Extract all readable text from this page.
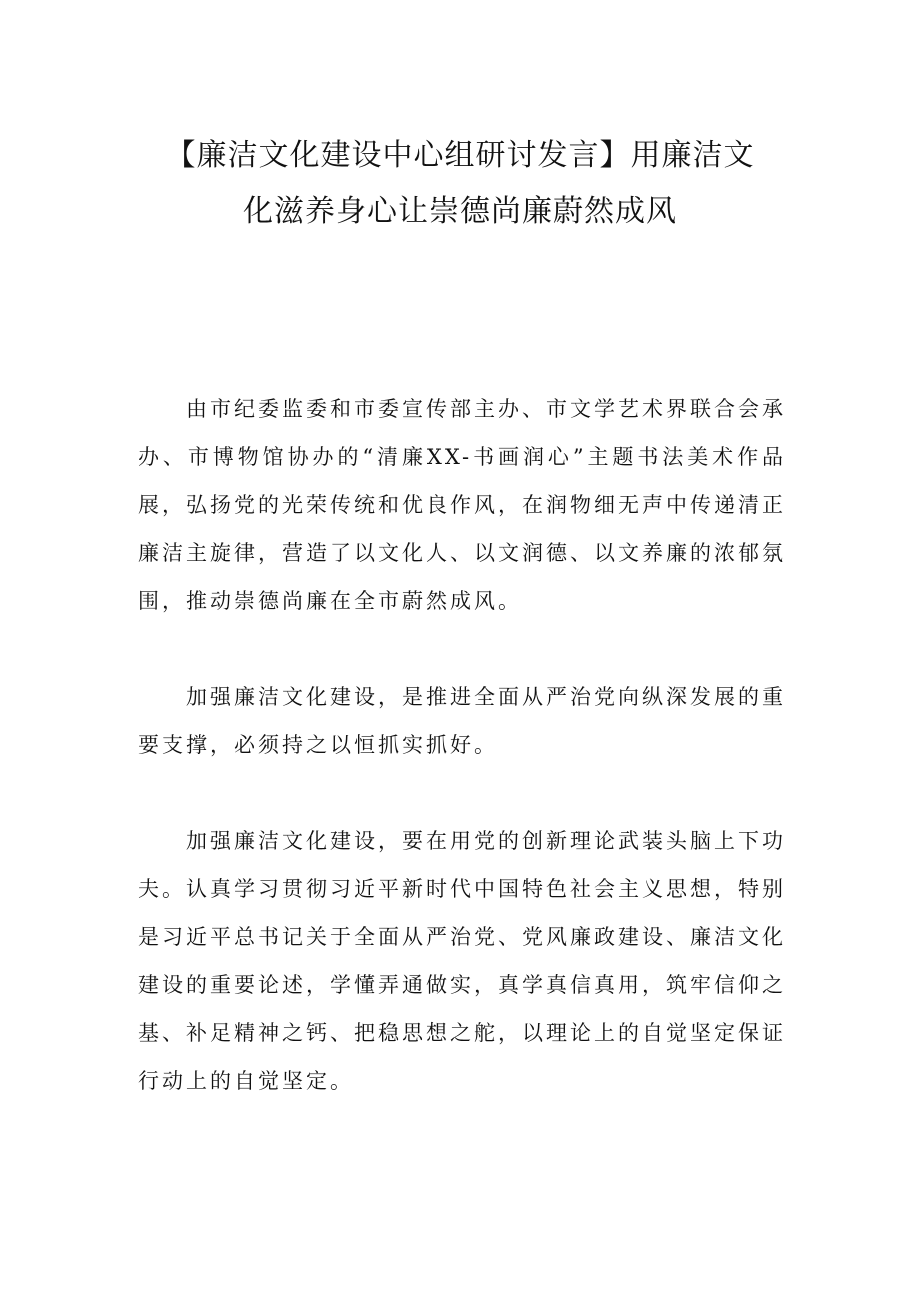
【廉洁文化建设中心组研讨发言】用廉洁文
化滋养身心让崇德尚廉蔚然成风

由市纪委监委和市委宣传部主办、市文学艺术界联合会承办、市博物馆协办的“清廉XX-书画润心”主题书法美术作品展，弘扬党的光荣传统和优良作风，在润物细无声中传递清正廉洁主旋律，营造了以文化人、以文润德、以文养廉的浓郁氛围，推动崇德尚廉在全市蔚然成风。

加强廉洁文化建设，是推进全面从严治党向纵深发展的重要支撑，必须持之以恒抓实抓好。

加强廉洁文化建设，要在用党的创新理论武装头脑上下功夫。认真学习贯彻习近平新时代中国特色社会主义思想，特别是习近平总书记关于全面从严治党、党风廉政建设、廉洁文化建设的重要论述，学懂弄通做实，真学真信真用，筑牢信仰之基、补足精神之钙、把稳思想之舵，以理论上的自觉坚定保证行动上的自觉坚定。
